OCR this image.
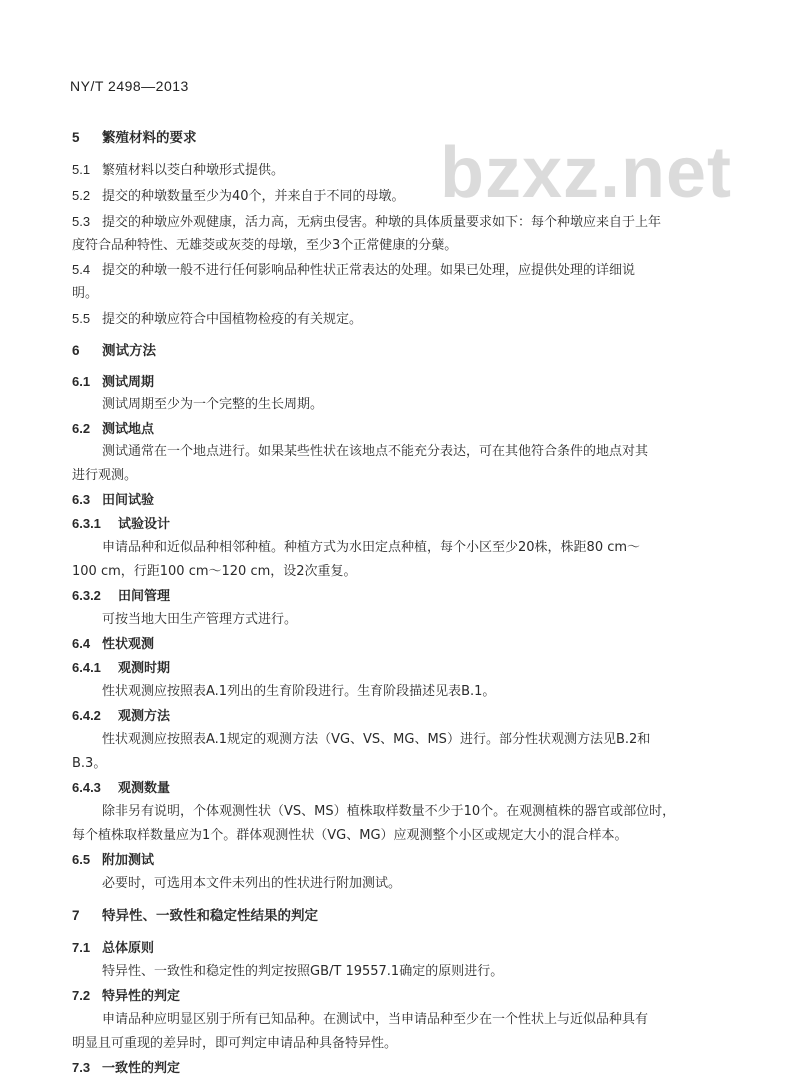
NY/T 2498—2013
bzxz.net
5 繁殖材料的要求
5.1 繁殖材料以茭白种墩形式提供。
5.2 提交的种墩数量至少为40个，并来自于不同的母墩。
5.3 提交的种墩应外观健康，活力高，无病虫侵害。种墩的具体质量要求如下：每个种墩应来自于上年
度符合品种特性、无雄茭或灰茭的母墩，至少3个正常健康的分蘖。
5.4 提交的种墩一般不进行任何影响品种性状正常表达的处理。如果已处理，应提供处理的详细说
明。
5.5 提交的种墩应符合中国植物检疫的有关规定。
6 测试方法
6.1 测试周期
测试周期至少为一个完整的生长周期。
6.2 测试地点
测试通常在一个地点进行。如果某些性状在该地点不能充分表达，可在其他符合条件的地点对其
进行观测。
6.3 田间试验
6.3.1 试验设计
申请品种和近似品种相邻种植。种植方式为水田定点种植，每个小区至少20株，株距80 cm～
100 cm，行距100 cm～120 cm，设2次重复。
6.3.2 田间管理
可按当地大田生产管理方式进行。
6.4 性状观测
6.4.1 观测时期
性状观测应按照表A.1列出的生育阶段进行。生育阶段描述见表B.1。
6.4.2 观测方法
性状观测应按照表A.1规定的观测方法（VG、VS、MG、MS）进行。部分性状观测方法见B.2和
B.3。
6.4.3 观测数量
除非另有说明，个体观测性状（VS、MS）植株取样数量不少于10个。在观测植株的器官或部位时，
每个植株取样数量应为1个。群体观测性状（VG、MG）应观测整个小区或规定大小的混合样本。
6.5 附加测试
必要时，可选用本文件未列出的性状进行附加测试。
7 特异性、一致性和稳定性结果的判定
7.1 总体原则
特异性、一致性和稳定性的判定按照GB/T 19557.1确定的原则进行。
7.2 特异性的判定
申请品种应明显区别于所有已知品种。在测试中，当申请品种至少在一个性状上与近似品种具有
明显且可重现的差异时，即可判定申请品种具备特异性。
7.3 一致性的判定
